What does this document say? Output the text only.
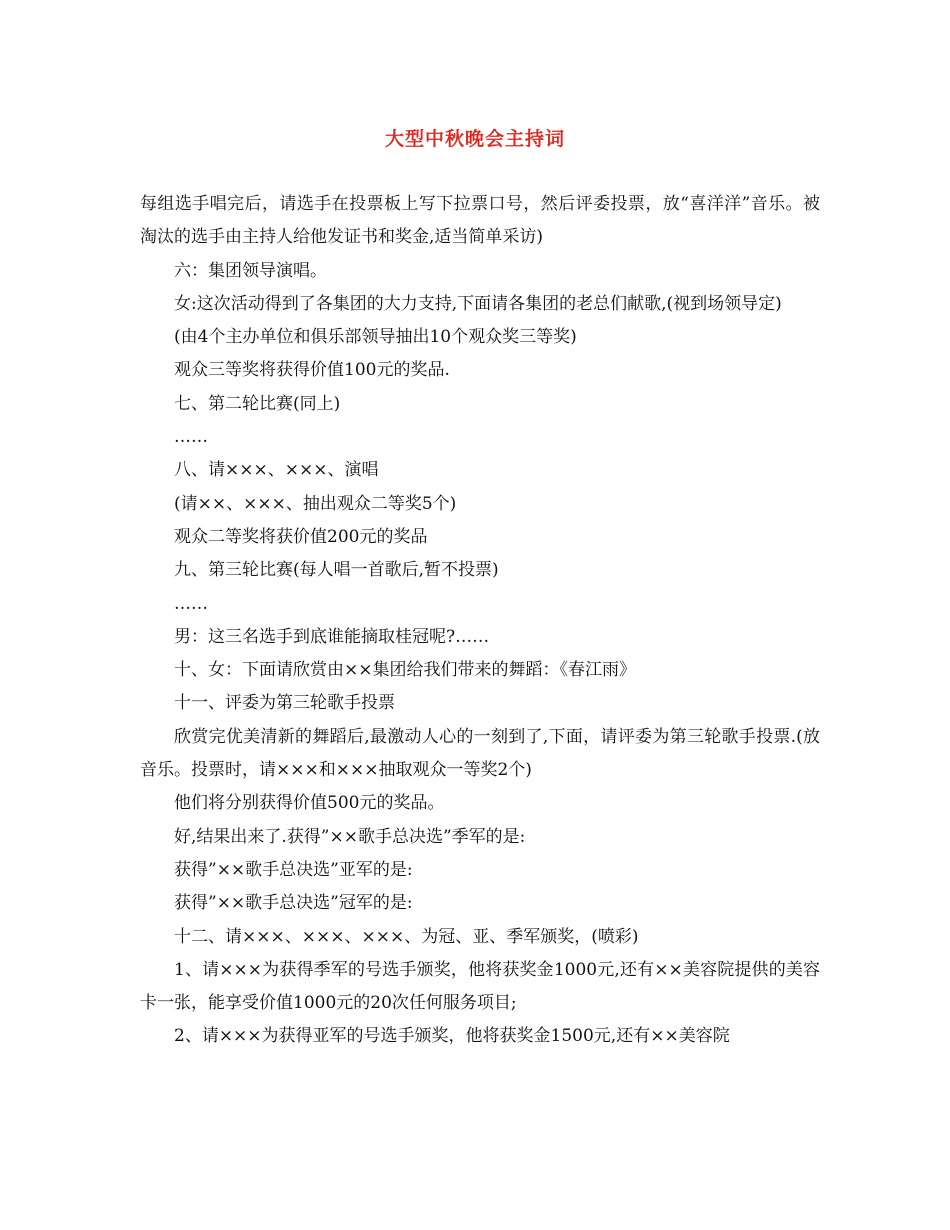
大型中秋晚会主持词

每组选手唱完后，请选手在投票板上写下拉票口号，然后评委投票，放“喜洋洋”音乐。被淘汰的选手由主持人给他发证书和奖金,适当简单采访)

六：集团领导演唱。

女:这次活动得到了各集团的大力支持,下面请各集团的老总们献歌,(视到场领导定)

(由4个主办单位和俱乐部领导抽出10个观众奖三等奖)

观众三等奖将获得价值100元的奖品.

七、第二轮比赛(同上)

……

八、请×××、×××、演唱

(请××、×××、抽出观众二等奖5个)

观众二等奖将获价值200元的奖品

九、第三轮比赛(每人唱一首歌后,暂不投票)

……

男：这三名选手到底谁能摘取桂冠呢?……

十、女：下面请欣赏由××集团给我们带来的舞蹈：《春江雨》

十一、评委为第三轮歌手投票

欣赏完优美清新的舞蹈后,最激动人心的一刻到了,下面，请评委为第三轮歌手投票.(放音乐。投票时，请×××和×××抽取观众一等奖2个)

他们将分别获得价值500元的奖品。

好,结果出来了.获得”××歌手总决选”季军的是:

获得”××歌手总决选”亚军的是:

获得”××歌手总决选”冠军的是:

十二、请×××、×××、×××、为冠、亚、季军颁奖，(喷彩)

1、请×××为获得季军的号选手颁奖，他将获奖金1000元,还有××美容院提供的美容卡一张，能享受价值1000元的20次任何服务项目;

2、请×××为获得亚军的号选手颁奖，他将获奖金1500元,还有××美容院
